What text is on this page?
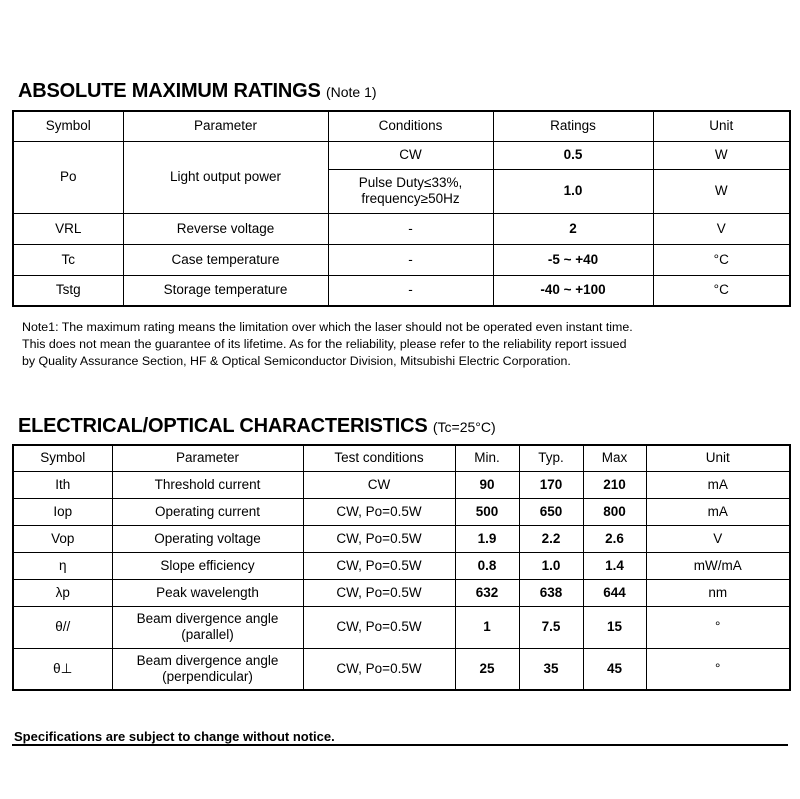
ABSOLUTE MAXIMUM RATINGS (Note 1)
Symbol	Parameter	Conditions	Ratings	Unit
Po	Light output power	CW	0.5	W

		Pulse Duty≤33%,
frequency≥50Hz	1.0	W
VRL	Reverse voltage	-	2	V
Tc	Case temperature	-	-5 ~ +40	°C
Tstg	Storage temperature	-	-40 ~ +100	°C

Note1: The maximum rating means the limitation over which the laser should not be operated even instant time.
This does not mean the guarantee of its lifetime. As for the reliability, please refer to the reliability report issued
by Quality Assurance Section, HF & Optical Semiconductor Division, Mitsubishi Electric Corporation.

ELECTRICAL/OPTICAL CHARACTERISTICS (Tc=25°C)
Symbol	Parameter	Test conditions	Min.	Typ.	Max	Unit
Ith	Threshold current	CW	90	170	210	mA
Iop	Operating current	CW, Po=0.5W	500	650	800	mA
Vop	Operating voltage	CW, Po=0.5W	1.9	2.2	2.6	V
η	Slope efficiency	CW, Po=0.5W	0.8	1.0	1.4	mW/mA
λp	Peak wavelength	CW, Po=0.5W	632	638	644	nm
θ//	Beam divergence angle
(parallel)	CW, Po=0.5W	1	7.5	15	°
θ⊥	Beam divergence angle
(perpendicular)	CW, Po=0.5W	25	35	45	°

Specifications are subject to change without notice.
